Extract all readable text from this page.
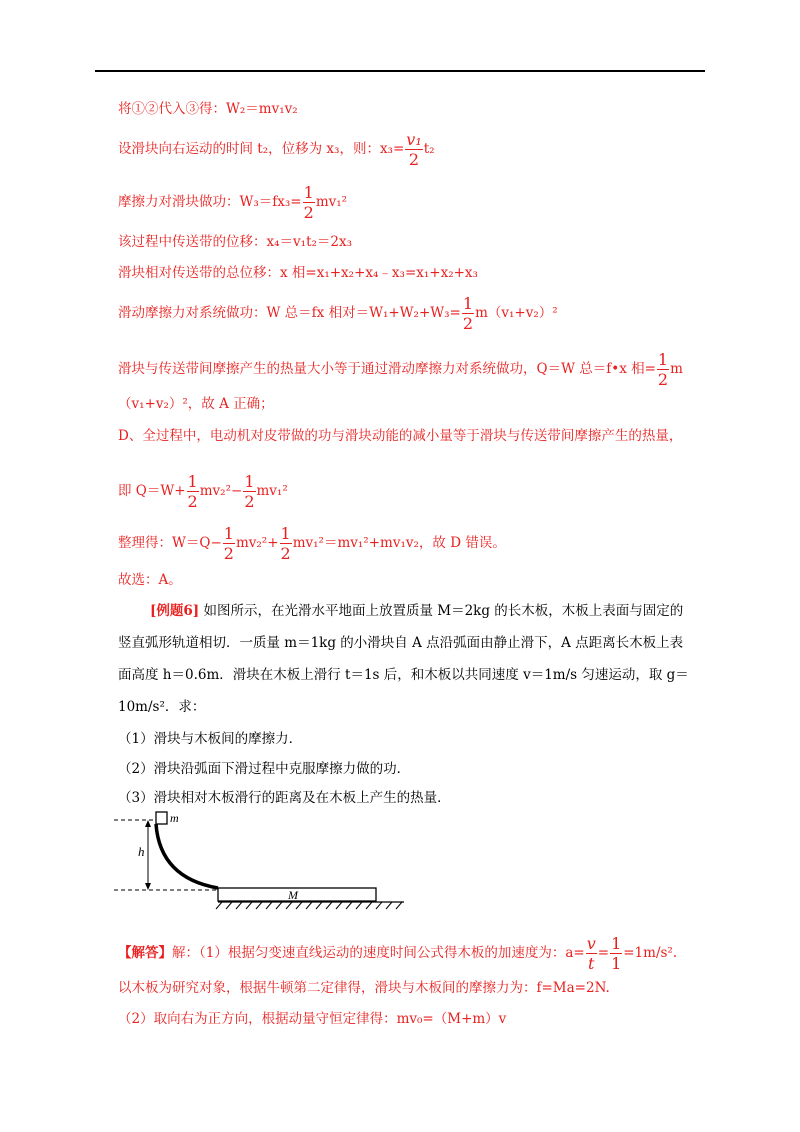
将①②代入③得：W₂＝mv₁v₂
设滑块向右运动的时间 t₂，位移为 x₃，则：$x_3= \frac{\text{v₁}}{2} t_2$
摩擦力对滑块做功：$W_3=fx_3= \frac{1}{2} mv_1^2$
该过程中传送带的位移：x₄＝v₁t₂＝2x₃
滑块相对传送带的总位移：x 相=x₁+x₂+x₄﹣x₃=x₁+x₂+x₃
滑动摩擦力对系统做功：W 总＝fx 相对$=W_1+W_2+W_3= \frac{1}{2} m(v_1+v_2)^2$
滑块与传送带间摩擦产生的热量大小等于通过滑动摩擦力对系统做功，Q＝W 总＝f•x 相= $\frac{1}{2}$ m
（v₁+v₂）²，故 A 正确；
D、全过程中，电动机对皮带做的功与滑块动能的减小量等于滑块与传送带间摩擦产生的热量，
即 $Q=W+ \frac{1}{2} mv_2^2- \frac{1}{2} mv_1^2$
整理得：$W=Q- \frac{1}{2} mv_2^2+ \frac{1}{2} mv_1^2=mv_1^2+mv_1v_2$，故 D 错误。
故选：A。
[例题6] 如图所示，在光滑水平地面上放置质量 M＝2kg 的长木板，木板上表面与固定的
竖直弧形轨道相切．一质量 m＝1kg 的小滑块自 A 点沿弧面由静止滑下，A 点距离长木板上表
面高度 h＝0.6m．滑块在木板上滑行 t＝1s 后，和木板以共同速度 v＝1m/s 匀速运动，取 g＝
10m/s²．求：
（1）滑块与木板间的摩擦力．
（2）滑块沿弧面下滑过程中克服摩擦力做的功．
（3）滑块相对木板滑行的距离及在木板上产生的热量．
h
m
M
【解答】解：（1）根据匀变速直线运动的速度时间公式得木板的加速度为：$a= \frac{v}{t} = \frac{1}{1} =1m/s^2$.
以木板为研究对象，根据牛顿第二定律得，滑块与木板间的摩擦力为：f=Ma=2N.
（2）取向右为正方向，根据动量守恒定律得：mv₀=（M+m）v
